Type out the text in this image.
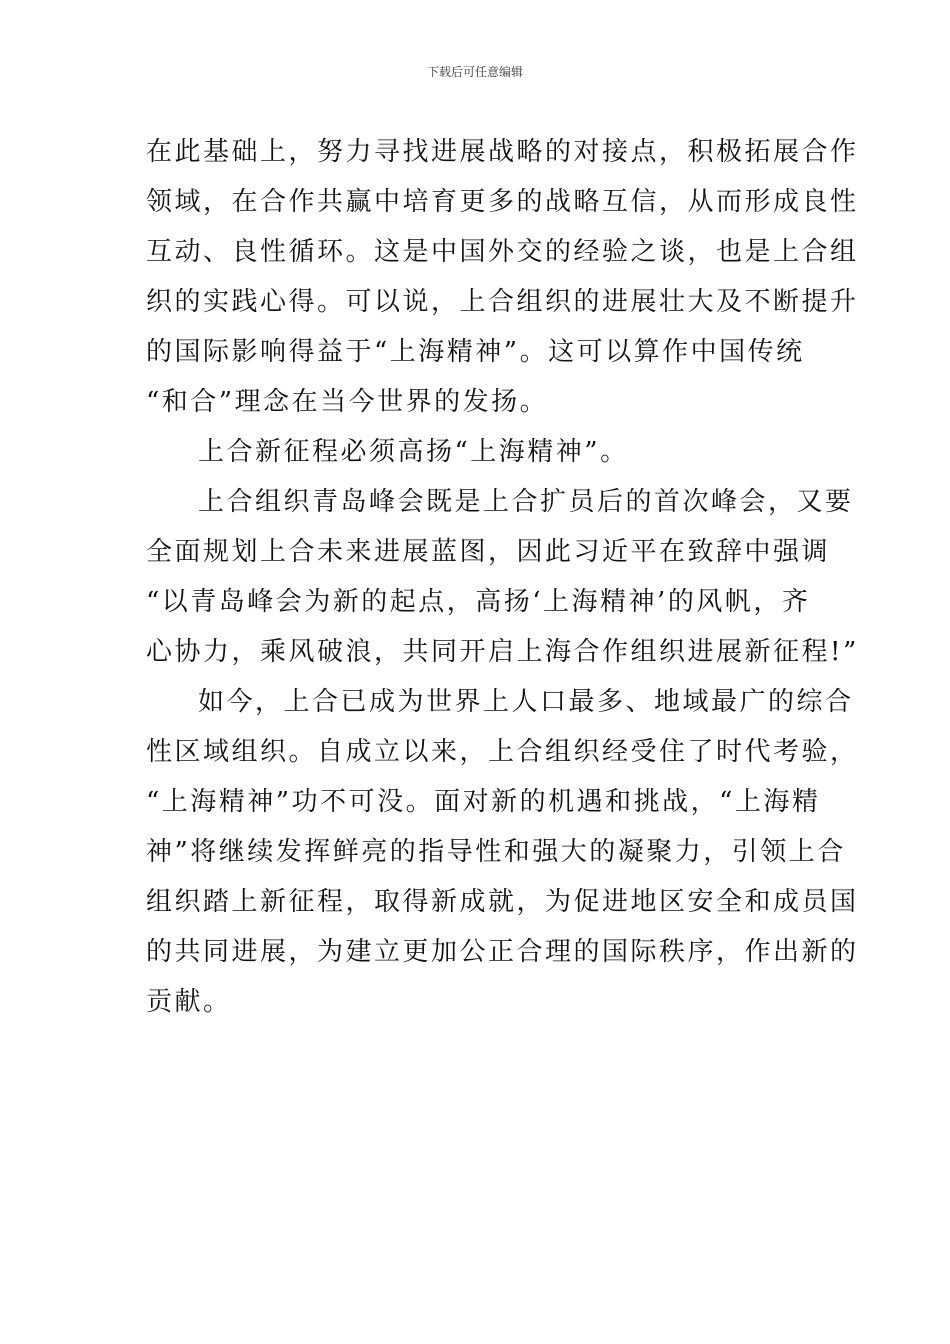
下载后可任意编辑
在此基础上，努力寻找进展战略的对接点，积极拓展合作
领域，在合作共赢中培育更多的战略互信，从而形成良性
互动、良性循环。这是中国外交的经验之谈，也是上合组
织的实践心得。可以说，上合组织的进展壮大及不断提升
的国际影响得益于“上海精神”。这可以算作中国传统
“和合”理念在当今世界的发扬。
上合新征程必须高扬“上海精神”。
上合组织青岛峰会既是上合扩员后的首次峰会，又要
全面规划上合未来进展蓝图，因此习近平在致辞中强调
“以青岛峰会为新的起点，高扬‘上海精神’的风帆，齐
心协力，乘风破浪，共同开启上海合作组织进展新征程!”
如今，上合已成为世界上人口最多、地域最广的综合
性区域组织。自成立以来，上合组织经受住了时代考验，
“上海精神”功不可没。面对新的机遇和挑战，“上海精
神”将继续发挥鲜亮的指导性和强大的凝聚力，引领上合
组织踏上新征程，取得新成就，为促进地区安全和成员国
的共同进展，为建立更加公正合理的国际秩序，作出新的
贡献。
